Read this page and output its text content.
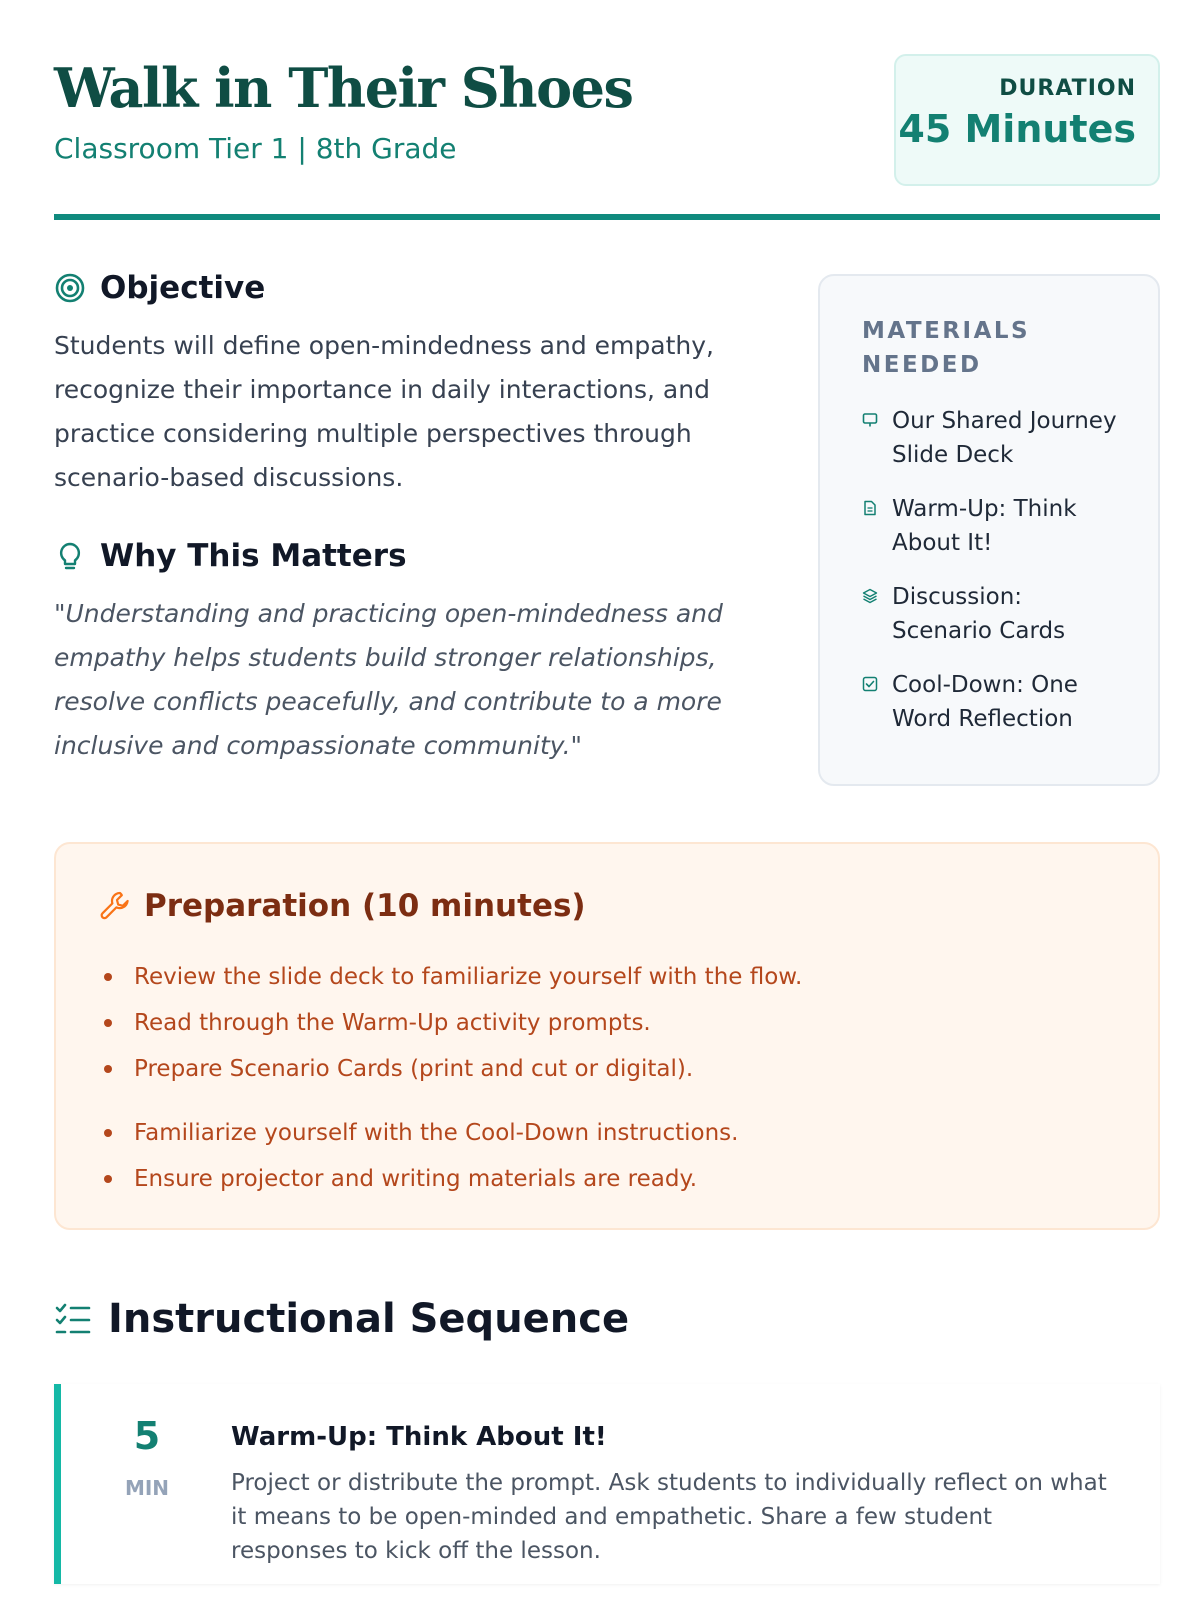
Walk in Their Shoes
Classroom Tier 1 | 8th Grade
DURATION
45 Minutes
Objective

Students will define open-mindedness and empathy, recognize their importance in daily interactions, and practice considering multiple perspectives through scenario-based discussions.

Why This Matters

"Understanding and practicing open-mindedness and empathy helps students build stronger relationships, resolve conflicts peacefully, and contribute to a more inclusive and compassionate community."

MATERIALS NEEDED
Our Shared Journey Slide Deck
Warm-Up: Think About It!
Discussion: Scenario Cards
Cool-Down: One Word Reflection
Preparation (10 minutes)
Review the slide deck to familiarize yourself with the flow.
Read through the Warm-Up activity prompts.
Prepare Scenario Cards (print and cut or digital).
Familiarize yourself with the Cool-Down instructions.
Ensure projector and writing materials are ready.
Instructional Sequence
5
MIN
Warm-Up: Think About It!

Project or distribute the prompt. Ask students to individually reflect on what it means to be open-minded and empathetic. Share a few student responses to kick off the lesson.
